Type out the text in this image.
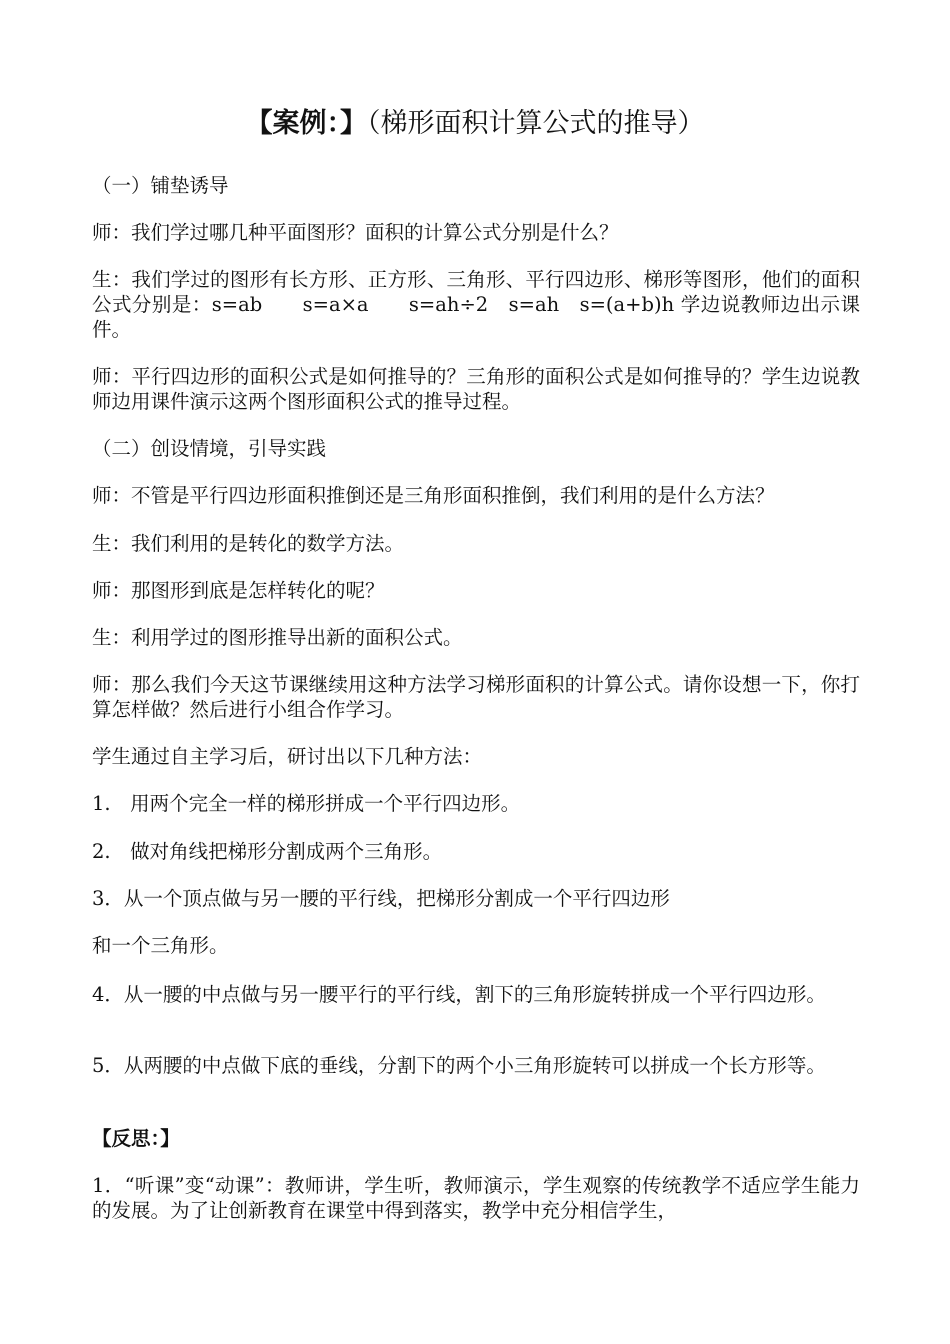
【案例：】（梯形面积计算公式的推导）

（一）铺垫诱导

师：我们学过哪几种平面图形？面积的计算公式分别是什么？

生：我们学过的图形有长方形、正方形、三角形、平行四边形、梯形等图形，他们的面积公式分别是：s=ab　　s=a×a　　s=ah÷2　s=ah　s=(a+b)h 学边说教师边出示课件。

师：平行四边形的面积公式是如何推导的？三角形的面积公式是如何推导的？学生边说教师边用课件演示这两个图形面积公式的推导过程。

（二）创设情境，引导实践

师：不管是平行四边形面积推倒还是三角形面积推倒，我们利用的是什么方法？

生：我们利用的是转化的数学方法。

师：那图形到底是怎样转化的呢？

生：利用学过的图形推导出新的面积公式。

师：那么我们今天这节课继续用这种方法学习梯形面积的计算公式。请你设想一下，你打算怎样做？然后进行小组合作学习。

学生通过自主学习后，研讨出以下几种方法：

1.　用两个完全一样的梯形拼成一个平行四边形。

2.　做对角线把梯形分割成两个三角形。

3．从一个顶点做与另一腰的平行线，把梯形分割成一个平行四边形

和一个三角形。

4．从一腰的中点做与另一腰平行的平行线，割下的三角形旋转拼成一个平行四边形。

5．从两腰的中点做下底的垂线，分割下的两个小三角形旋转可以拼成一个长方形等。

【反思：】

1．“听课”变“动课”：教师讲，学生听，教师演示，学生观察的传统教学不适应学生能力的发展。为了让创新教育在课堂中得到落实，教学中充分相信学生，
